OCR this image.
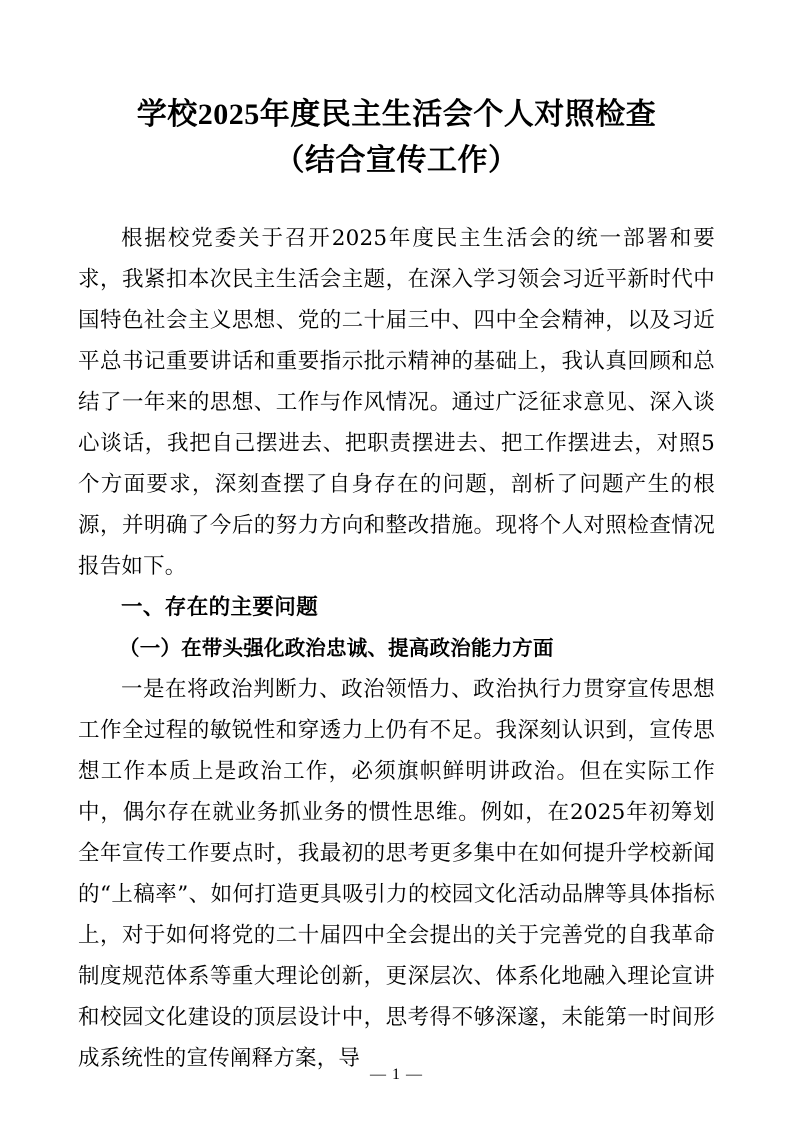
学校2025年度民主生活会个人对照检查
（结合宣传工作）

根据校党委关于召开2025年度民主生活会的统一部署和要求，我紧扣本次民主生活会主题，在深入学习领会习近平新时代中国特色社会主义思想、党的二十届三中、四中全会精神，以及习近平总书记重要讲话和重要指示批示精神的基础上，我认真回顾和总结了一年来的思想、工作与作风情况。通过广泛征求意见、深入谈心谈话，我把自己摆进去、把职责摆进去、把工作摆进去，对照5个方面要求，深刻查摆了自身存在的问题，剖析了问题产生的根源，并明确了今后的努力方向和整改措施。现将个人对照检查情况报告如下。

一、存在的主要问题

（一）在带头强化政治忠诚、提高政治能力方面

一是在将政治判断力、政治领悟力、政治执行力贯穿宣传思想工作全过程的敏锐性和穿透力上仍有不足。我深刻认识到，宣传思想工作本质上是政治工作，必须旗帜鲜明讲政治。但在实际工作中，偶尔存在就业务抓业务的惯性思维。例如，在2025年初筹划全年宣传工作要点时，我最初的思考更多集中在如何提升学校新闻的“上稿率”、如何打造更具吸引力的校园文化活动品牌等具体指标上，对于如何将党的二十届四中全会提出的关于完善党的自我革命制度规范体系等重大理论创新，更深层次、体系化地融入理论宣讲和校园文化建设的顶层设计中，思考得不够深邃，未能第一时间形成系统性的宣传阐释方案，导

— 1 —
